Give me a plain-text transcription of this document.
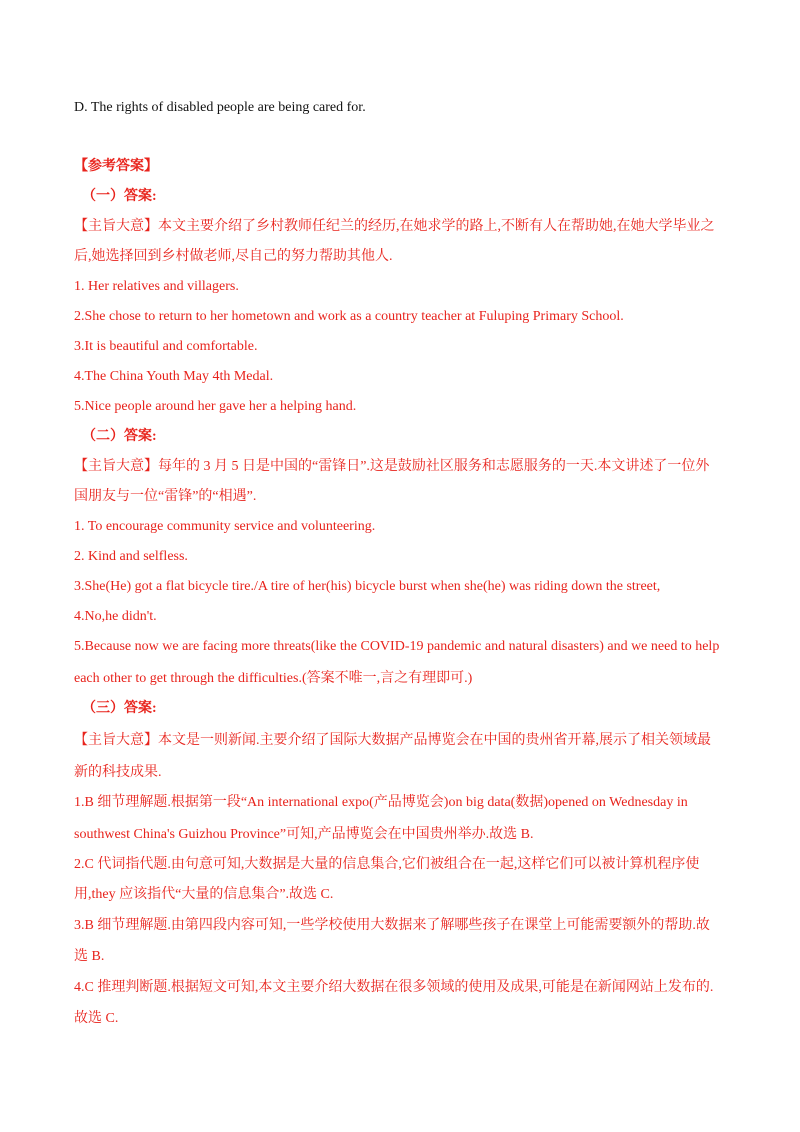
D. The rights of disabled people are being cared for.
【参考答案】
（一）答案:
【主旨大意】本文主要介绍了乡村教师任纪兰的经历,在她求学的路上,不断有人在帮助她,在她大学毕业之
后,她选择回到乡村做老师,尽自己的努力帮助其他人.
1. Her relatives and villagers.
2.She chose to return to her hometown and work as a country teacher at Fuluping Primary School.
3.It is beautiful and comfortable.
4.The China Youth May 4th Medal.
5.Nice people around her gave her a helping hand.
（二）答案:
【主旨大意】每年的 3 月 5 日是中国的“雷锋日”.这是鼓励社区服务和志愿服务的一天.本文讲述了一位外
国朋友与一位“雷锋”的“相遇”.
1. To encourage community service and volunteering.
2. Kind and selfless.
3.She(He) got a flat bicycle tire./A tire of her(his) bicycle burst when she(he) was riding down the street,
4.No,he didn't.
5.Because now we are facing more threats(like the COVID-19 pandemic and natural disasters) and we need to help
each other to get through the difficulties.(答案不唯一,言之有理即可.)
（三）答案:
【主旨大意】本文是一则新闻.主要介绍了国际大数据产品博览会在中国的贵州省开幕,展示了相关领域最
新的科技成果.
1.B 细节理解题.根据第一段“An international expo(产品博览会)on big data(数据)opened on Wednesday in
southwest China's Guizhou Province”可知,产品博览会在中国贵州举办.故选 B.
2.C 代词指代题.由句意可知,大数据是大量的信息集合,它们被组合在一起,这样它们可以被计算机程序使
用,they 应该指代“大量的信息集合”.故选 C.
3.B 细节理解题.由第四段内容可知,一些学校使用大数据来了解哪些孩子在课堂上可能需要额外的帮助.故
选 B.
4.C 推理判断题.根据短文可知,本文主要介绍大数据在很多领域的使用及成果,可能是在新闻网站上发布的.
故选 C.
